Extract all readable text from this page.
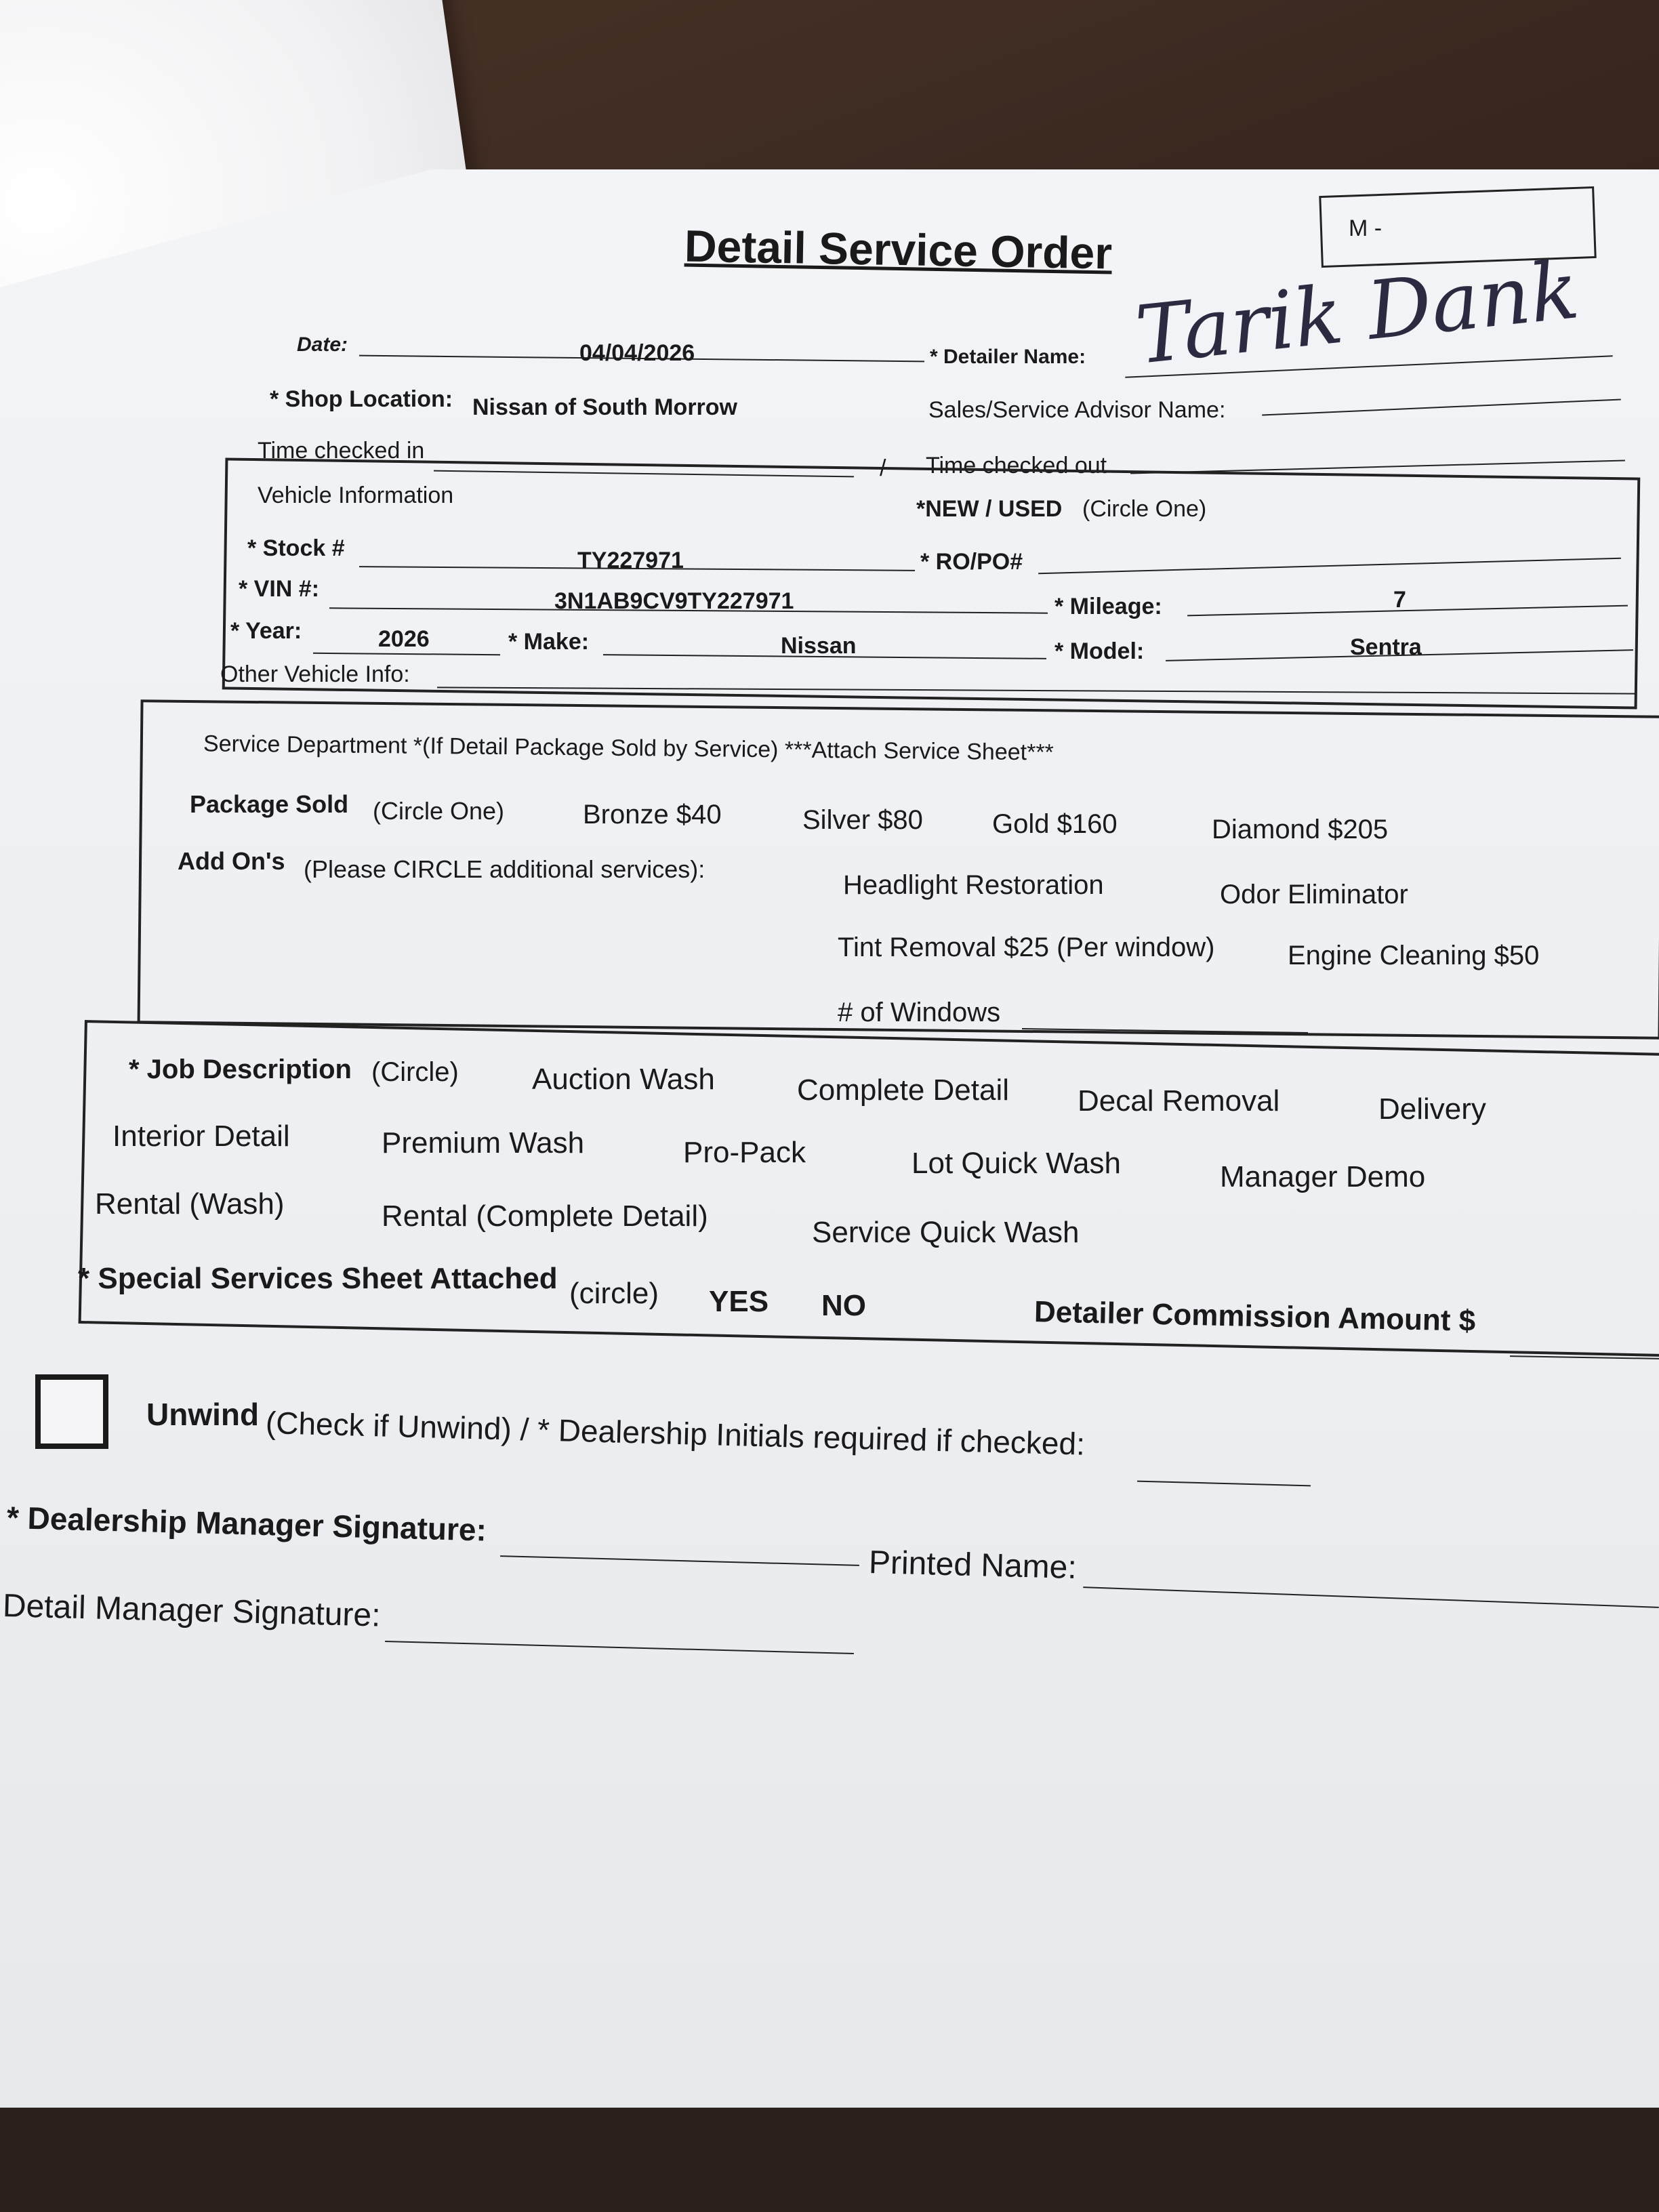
Detail Service Order	M -
Date:	04/04/2026	* Detailer Name: Tarik Dank
* Shop Location: Nissan of South Morrow	Sales/Service Advisor Name:
Time checked in
/ Time checked out
Vehicle Information
*NEW / USED (Circle One)
* Stock #	TY227971	* RO/PO#
* VIN #:	3N1AB9CV9TY227971	* Mileage:	7
* Year:	2026	* Make:	Nissan	* Model:	Sentra
Other Vehicle Info:
Service Department *(If Detail Package Sold by Service) ***Attach Service Sheet***
Package Sold (Circle One)	Bronze $40	Silver $80	Gold $160	Diamond $205
Add On's (Please CIRCLE additional services):
Headlight Restoration	Odor Eliminator
Tint Removal $25 (Per window)	Engine Cleaning $50
# of Windows
* Job Description (Circle) Auction Wash	Complete Detail Decal Removal	Delivery
Interior Detail	Premium Wash	Pro-Pack	Lot Quick Wash	Manager Demo
Rental (Wash)	Rental (Complete Detail)	Service Quick Wash
* Special Services Sheet Attached (circle) YES NO	Detailer Commission Amount $
Unwind (Check if Unwind) / * Dealership Initials required if checked:
* Dealership Manager Signature:
Printed Name:
Detail Manager Signature:
